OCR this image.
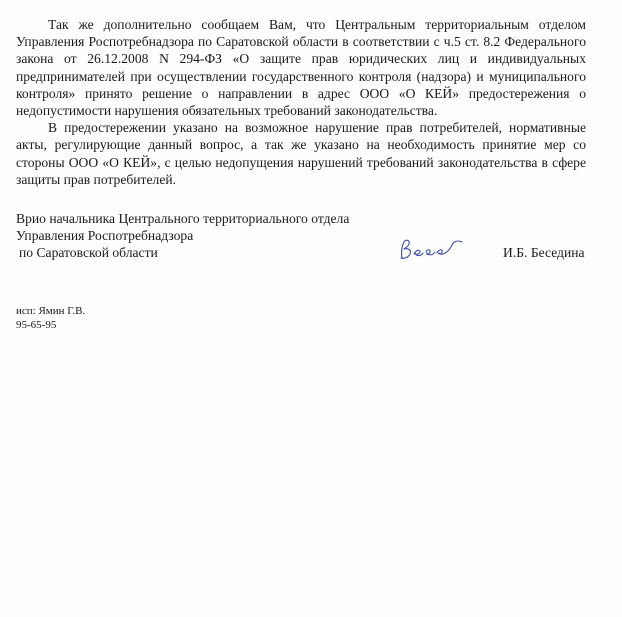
Так же дополнительно сообщаем Вам, что Центральным территориальным отделом Управления Роспотребнадзора по Саратовской области в соответствии с ч.5 ст. 8.2 Федерального закона от 26.12.2008 N 294-ФЗ «О защите прав юридических лиц и индивидуальных предпринимателей при осуществлении государственного контроля (надзора) и муниципального контроля» принято решение о направлении в адрес ООО «О КЕЙ» предостережения о недопустимости нарушения обязательных требований законодательства.

В предостережении указано на возможное нарушение прав потребителей, нормативные акты, регулирующие данный вопрос, а так же указано на необходимость принятие мер со стороны ООО «О КЕЙ», с целью недопущения нарушений требований законодательства в сфере защиты прав потребителей.

Врио начальника Центрального территориального отдела
Управления Роспотребнадзора
по Саратовской области
Бесе
И.Б. Беседина
исп: Ямин Г.В.
95-65-95
